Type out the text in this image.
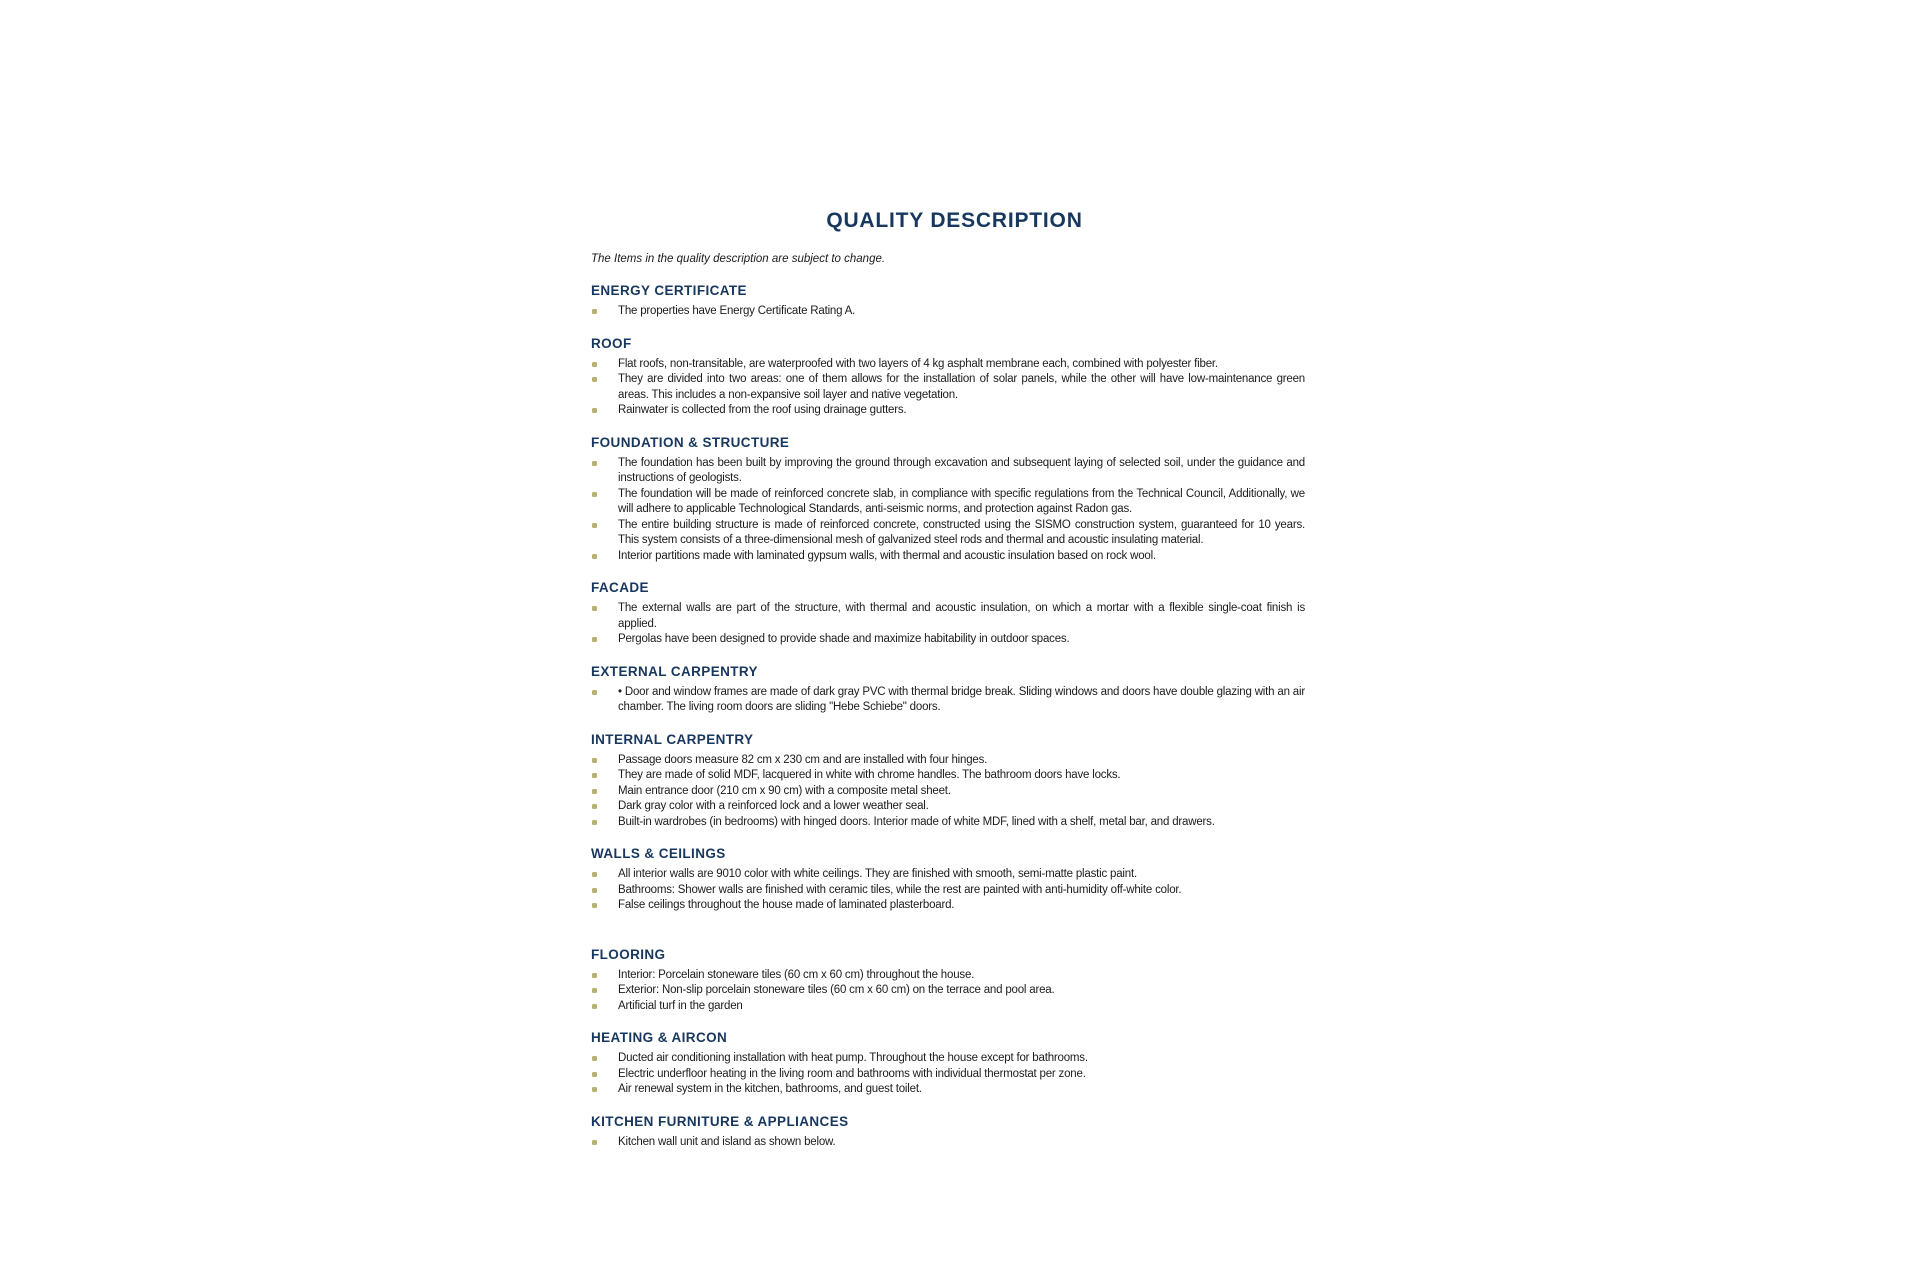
QUALITY DESCRIPTION
The Items in the quality description are subject to change.
ENERGY CERTIFICATE
The properties have Energy Certificate Rating A.
ROOF
Flat roofs, non-transitable, are waterproofed with two layers of 4 kg asphalt membrane each, combined with polyester fiber.
They are divided into two areas: one of them allows for the installation of solar panels, while the other will have low-maintenance green areas. This includes a non-expansive soil layer and native vegetation.
Rainwater is collected from the roof using drainage gutters.
FOUNDATION & STRUCTURE
The foundation has been built by improving the ground through excavation and subsequent laying of selected soil, under the guidance and instructions of geologists.
The foundation will be made of reinforced concrete slab, in compliance with specific regulations from the Technical Council, Additionally, we will adhere to applicable Technological Standards, anti-seismic norms, and protection against Radon gas.
The entire building structure is made of reinforced concrete, constructed using the SISMO construction system, guaranteed for 10 years. This system consists of a three-dimensional mesh of galvanized steel rods and thermal and acoustic insulating material.
Interior partitions made with laminated gypsum walls, with thermal and acoustic insulation based on rock wool.
FACADE
The external walls are part of the structure, with thermal and acoustic insulation, on which a mortar with a flexible single-coat finish is applied.
Pergolas have been designed to provide shade and maximize habitability in outdoor spaces.
EXTERNAL CARPENTRY
• Door and window frames are made of dark gray PVC with thermal bridge break. Sliding windows and doors have double glazing with an air chamber. The living room doors are sliding "Hebe Schiebe" doors.
INTERNAL CARPENTRY
Passage doors measure 82 cm x 230 cm and are installed with four hinges.
They are made of solid MDF, lacquered in white with chrome handles. The bathroom doors have locks.
Main entrance door (210 cm x 90 cm) with a composite metal sheet.
Dark gray color with a reinforced lock and a lower weather seal.
Built-in wardrobes (in bedrooms) with hinged doors. Interior made of white MDF, lined with a shelf, metal bar, and drawers.
WALLS & CEILINGS
All interior walls are 9010 color with white ceilings. They are finished with smooth, semi-matte plastic paint.
Bathrooms: Shower walls are finished with ceramic tiles, while the rest are painted with anti-humidity off-white color.
False ceilings throughout the house made of laminated plasterboard.
FLOORING
Interior: Porcelain stoneware tiles (60 cm x 60 cm) throughout the house.
Exterior: Non-slip porcelain stoneware tiles (60 cm x 60 cm) on the terrace and pool area.
Artificial turf in the garden
HEATING & AIRCON
Ducted air conditioning installation with heat pump. Throughout the house except for bathrooms.
Electric underfloor heating in the living room and bathrooms with individual thermostat per zone.
Air renewal system in the kitchen, bathrooms, and guest toilet.
KITCHEN FURNITURE & APPLIANCES
Kitchen wall unit and island as shown below.
